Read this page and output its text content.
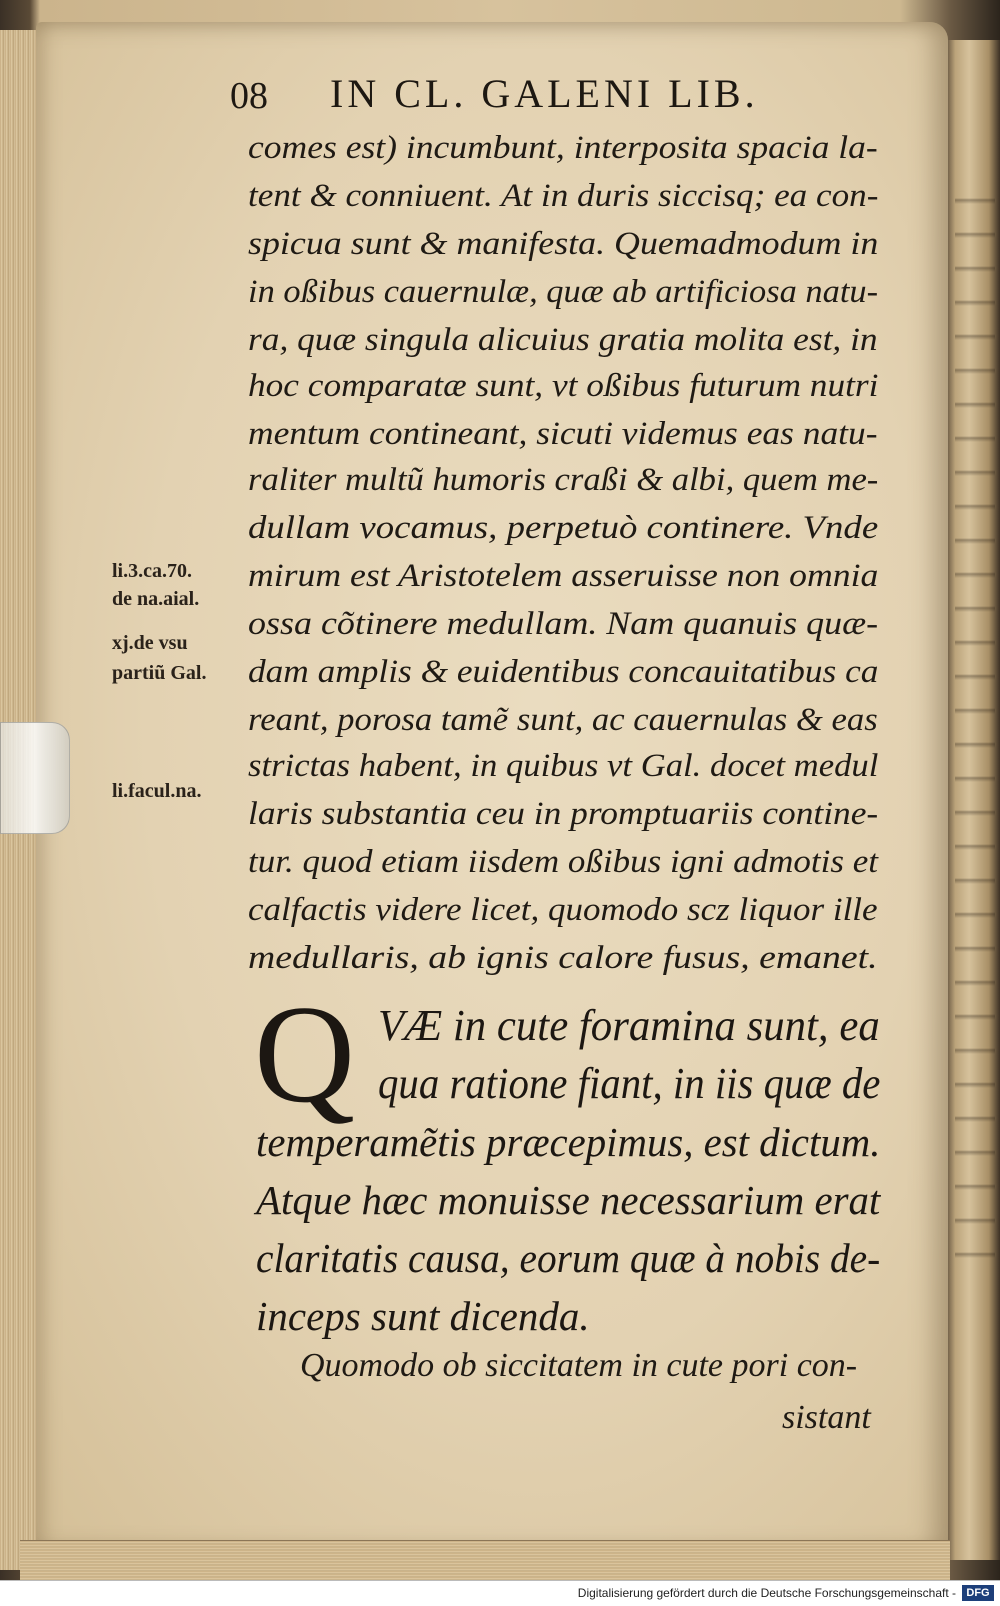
08 IN CL. GALENI LIB.
comes est) incumbunt, interposita spacia la-
tent & conniuent. At in duris siccisq; ea con-
spicua sunt & manifesta. Quemadmodum in
in oßibus cauernulæ, quæ ab artificiosa natu-
ra, quæ singula alicuius gratia molita est, in
hoc comparatæ sunt, vt oßibus futurum nutri
mentum contineant, sicuti videmus eas natu-
raliter multũ humoris craßi & albi, quem me-
dullam vocamus, perpetuò continere. Vnde
mirum est Aristotelem asseruisse non omnia
ossa cõtinere medullam. Nam quanuis quæ-
dam amplis & euidentibus concauitatibus ca
reant, porosa tamẽ sunt, ac cauernulas & eas
strictas habent, in quibus vt Gal. docet medul
laris substantia ceu in promptuariis contine-
tur. quod etiam iisdem oßibus igni admotis et
calfactis videre licet, quomodo scz liquor ille
medullaris, ab ignis calore fusus, emanet.
li.3.ca.70.
de na.aial.
xj.de vsu
partiũ Gal.
li.facul.na.
Q VÆ in cute foramina sunt, ea
qua ratione fiant, in iis quæ de
temperamẽtis præcepimus, est dictum.
Atque hæc monuisse necessarium erat
claritatis causa, eorum quæ à nobis de-
inceps sunt dicenda.
Quomodo ob siccitatem in cute pori con-
sistant
Digitalisierung gefördert durch die Deutsche Forschungsgemeinschaft - DFG
